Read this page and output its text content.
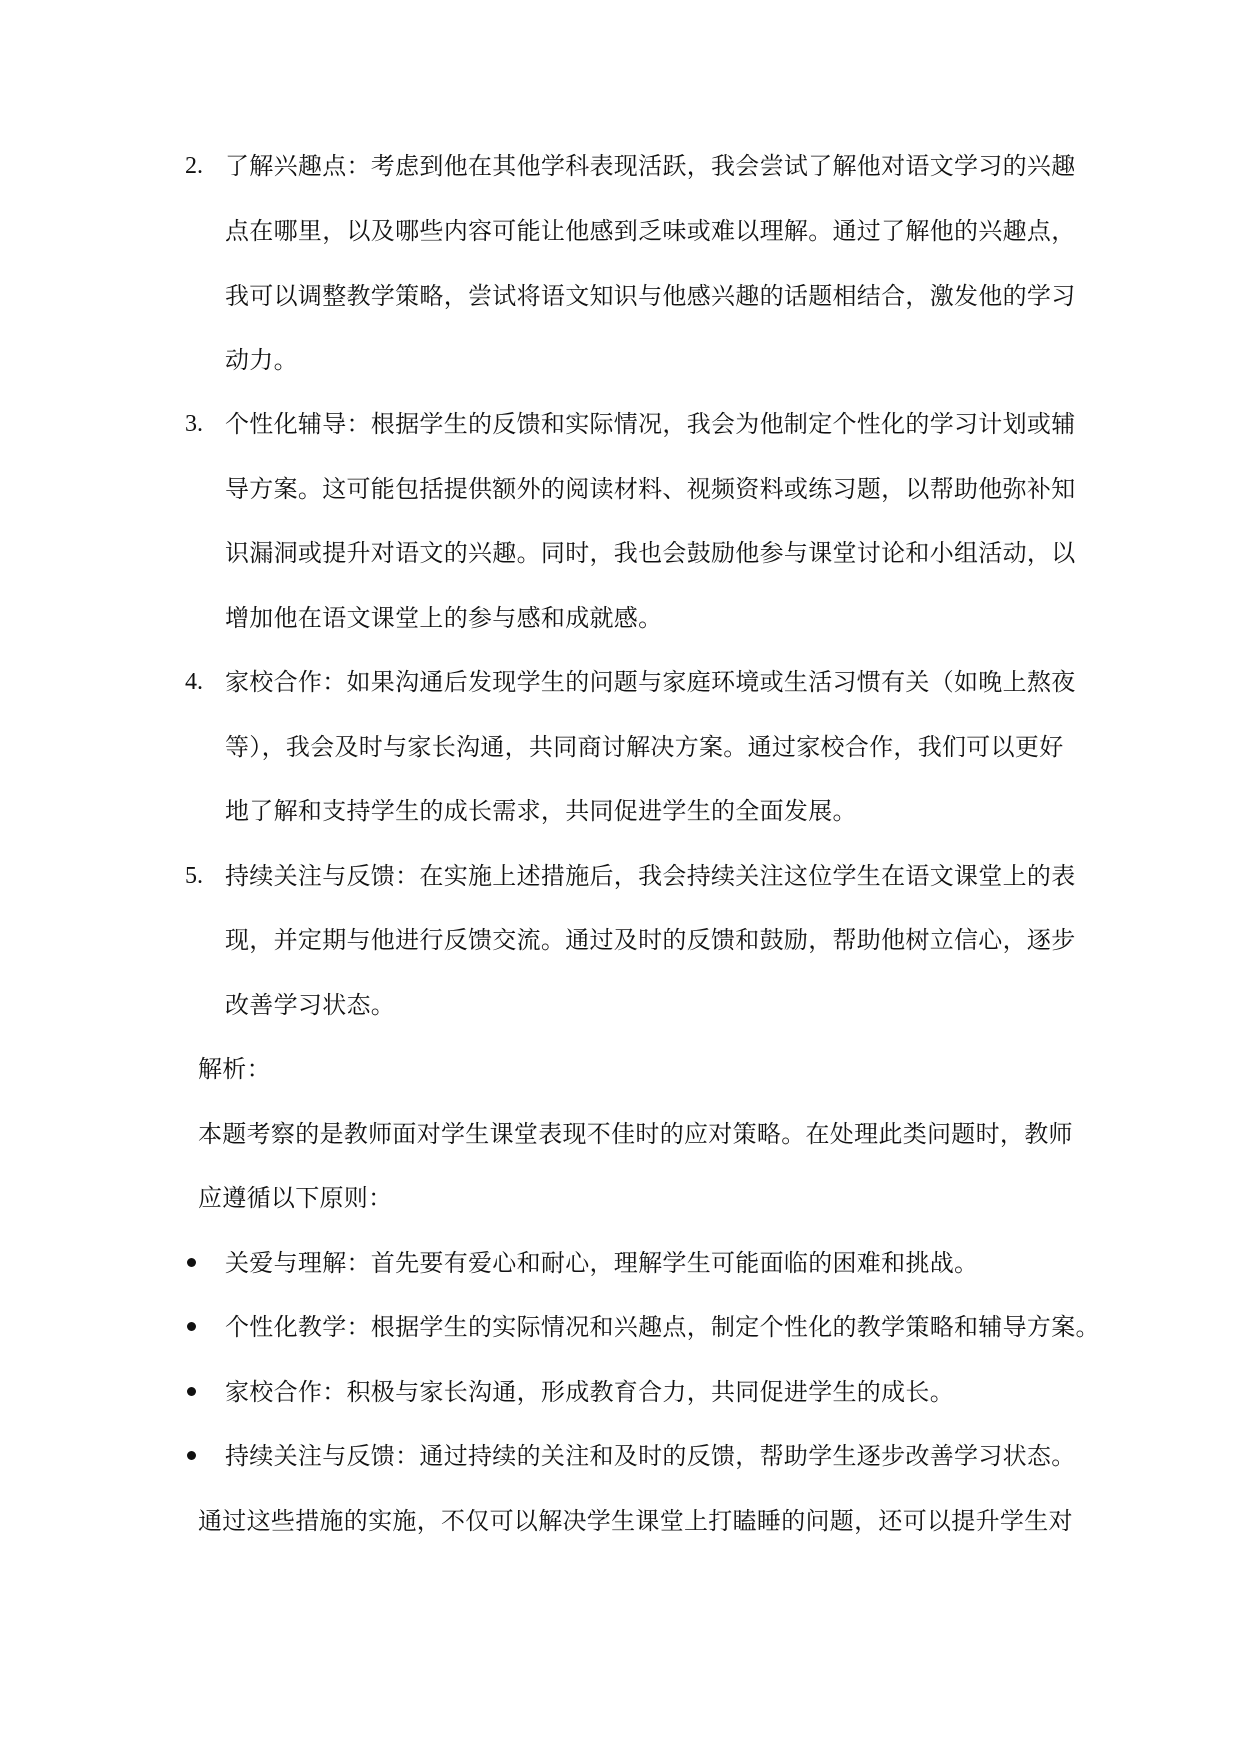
2. 了解兴趣点：考虑到他在其他学科表现活跃，我会尝试了解他对语文学习的兴趣
点在哪里，以及哪些内容可能让他感到乏味或难以理解。通过了解他的兴趣点，
我可以调整教学策略，尝试将语文知识与他感兴趣的话题相结合，激发他的学习
动力。
3. 个性化辅导：根据学生的反馈和实际情况，我会为他制定个性化的学习计划或辅
导方案。这可能包括提供额外的阅读材料、视频资料或练习题，以帮助他弥补知
识漏洞或提升对语文的兴趣。同时，我也会鼓励他参与课堂讨论和小组活动，以
增加他在语文课堂上的参与感和成就感。
4. 家校合作：如果沟通后发现学生的问题与家庭环境或生活习惯有关（如晚上熬夜
等），我会及时与家长沟通，共同商讨解决方案。通过家校合作，我们可以更好
地了解和支持学生的成长需求，共同促进学生的全面发展。
5. 持续关注与反馈：在实施上述措施后，我会持续关注这位学生在语文课堂上的表
现，并定期与他进行反馈交流。通过及时的反馈和鼓励，帮助他树立信心，逐步
改善学习状态。
解析：
本题考察的是教师面对学生课堂表现不佳时的应对策略。在处理此类问题时，教师
应遵循以下原则：
关爱与理解：首先要有爱心和耐心，理解学生可能面临的困难和挑战。
个性化教学：根据学生的实际情况和兴趣点，制定个性化的教学策略和辅导方案。
家校合作：积极与家长沟通，形成教育合力，共同促进学生的成长。
持续关注与反馈：通过持续的关注和及时的反馈，帮助学生逐步改善学习状态。
通过这些措施的实施，不仅可以解决学生课堂上打瞌睡的问题，还可以提升学生对
